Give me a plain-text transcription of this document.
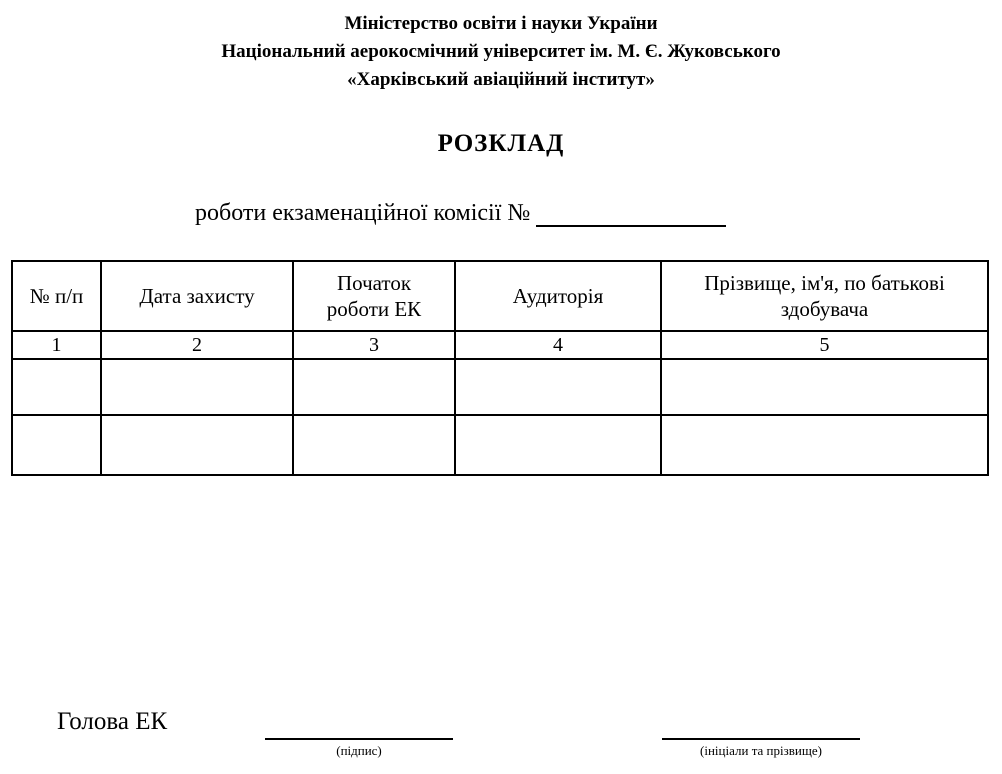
Міністерство освіти і науки України
Національний аерокосмічний університет ім. М. Є. Жуковського
«Харківський авіаційний інститут»
РОЗКЛАД
роботи екзаменаційної комісії №
№ п/п	Дата захисту	Початок роботи ЕК	Аудиторія	Прізвище, ім'я, по батькові здобувача
1	2	3	4	5

Голова ЕК
(підпис)	(ініціали та прізвище)
